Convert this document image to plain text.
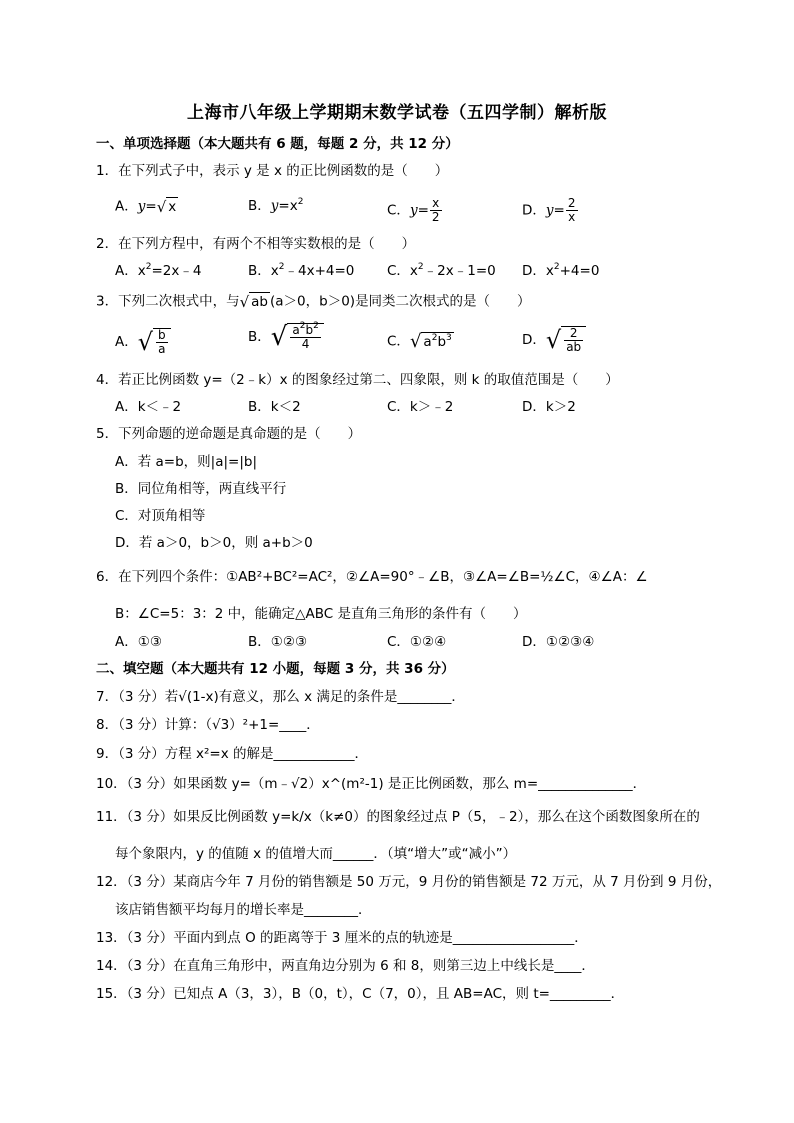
上海市八年级上学期期末数学试卷（五四学制）解析版
一、单项选择题（本大题共有 6 题，每题 2 分，共 12 分）
1．在下列式子中，表示 y 是 x 的正比例函数的是（　　）
A．y=√ x	B．$y=x^2$
C．$y= \frac{x}{2}$	D．$y= \frac{2}{x}$
2．在下列方程中，有两个不相等实数根的是（　　）
A．$x^2=2x﹣4$	B．$x^2﹣4x+4=0$ C．$x^2﹣2x﹣1=0$ D．$x^2+4=0$
3．下列二次根式中，与√ ab (a＞0，b＞0)是同类二次根式的是（　　）
A．√ $\frac{b}{a}$	B．√ $\frac{a^2b^2}{4}$	C．√ $a^2b^3$	D．√ $\frac{2}{ab}$
4．若正比例函数 y=（2﹣k）x 的图象经过第二、四象限，则 k 的取值范围是（　　）
A．k＜﹣2	B．k＜2	C．k＞﹣2	D．k＞2
5．下列命题的逆命题是真命题的是（　　）
A．若 a=b，则|a|=|b|
B．同位角相等，两直线平行
C．对顶角相等
D．若 a＞0，b＞0，则 a+b＞0
6．在下列四个条件：①AB²+BC²=AC²，②∠A=90°﹣∠B，③∠A=∠B=½∠C，④∠A：∠
B：∠C=5：3：2 中，能确定△ABC 是直角三角形的条件有（　　）
A．①③	B．①②③	C．①②④	D．①②③④
二、填空题（本大题共有 12 小题，每题 3 分，共 36 分）
7．（3 分）若√(1-x)有意义，那么 x 满足的条件是________．
8．（3 分）计算：（√3）²+1=____．
9．（3 分）方程 x²=x 的解是____________．
10．（3 分）如果函数 y=（m﹣√2）x^(m²-1) 是正比例函数，那么 m=______________．
11．（3 分）如果反比例函数 y=k/x（k≠0）的图象经过点 P（5，﹣2），那么在这个函数图象所在的
每个象限内，y 的值随 x 的值增大而______．（填“增大”或“减小”）
12．（3 分）某商店今年 7 月份的销售额是 50 万元，9 月份的销售额是 72 万元，从 7 月份到 9 月份，
该店销售额平均每月的增长率是________．
13．（3 分）平面内到点 O 的距离等于 3 厘米的点的轨迹是__________________．
14．（3 分）在直角三角形中，两直角边分别为 6 和 8，则第三边上中线长是____．
15．（3 分）已知点 A（3，3），B（0，t），C（7，0），且 AB=AC，则 t=_________．
